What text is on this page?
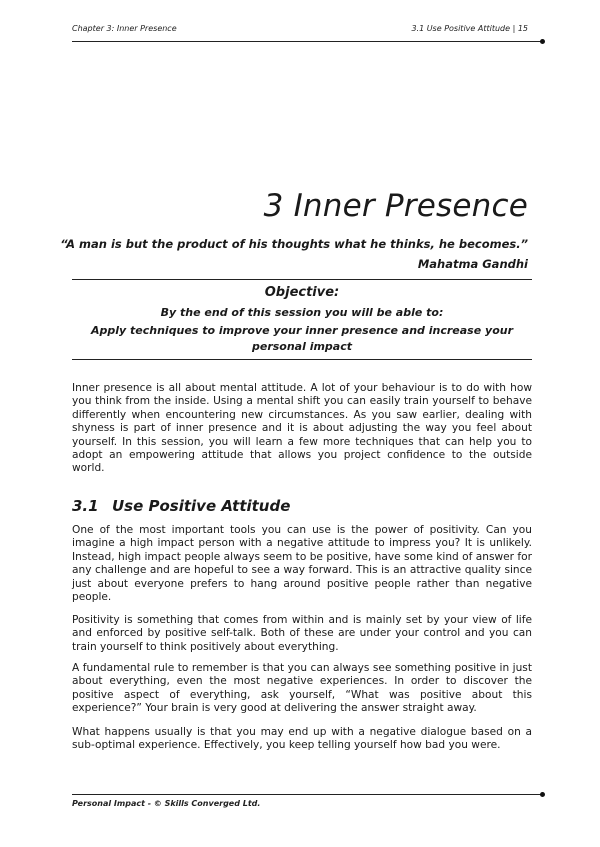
Chapter 3: Inner Presence	3.1 Use Positive Attitude | 15
3 Inner Presence
“A man is but the product of his thoughts what he thinks, he becomes.”
Mahatma Gandhi
Objective:
By the end of this session you will be able to:
Apply techniques to improve your inner presence and increase your personal impact
Inner presence is all about mental attitude. A lot of your behaviour is to do with how you think from the inside. Using a mental shift you can easily train yourself to behave differently when encountering new circumstances. As you saw earlier, dealing with shyness is part of inner presence and it is about adjusting the way you feel about yourself. In this session, you will learn a few more techniques that can help you to adopt an empowering attitude that allows you project confidence to the outside world.
3.1 Use Positive Attitude
One of the most important tools you can use is the power of positivity. Can you imagine a high impact person with a negative attitude to impress you? It is unlikely. Instead, high impact people always seem to be positive, have some kind of answer for any challenge and are hopeful to see a way forward. This is an attractive quality since just about everyone prefers to hang around positive people rather than negative people.
Positivity is something that comes from within and is mainly set by your view of life and enforced by positive self-talk. Both of these are under your control and you can train yourself to think positively about everything.
A fundamental rule to remember is that you can always see something positive in just about everything, even the most negative experiences. In order to discover the positive aspect of everything, ask yourself, “What was positive about this experience?” Your brain is very good at delivering the answer straight away.
What happens usually is that you may end up with a negative dialogue based on a sub-optimal experience. Effectively, you keep telling yourself how bad you were.
Personal Impact - © Skills Converged Ltd.
